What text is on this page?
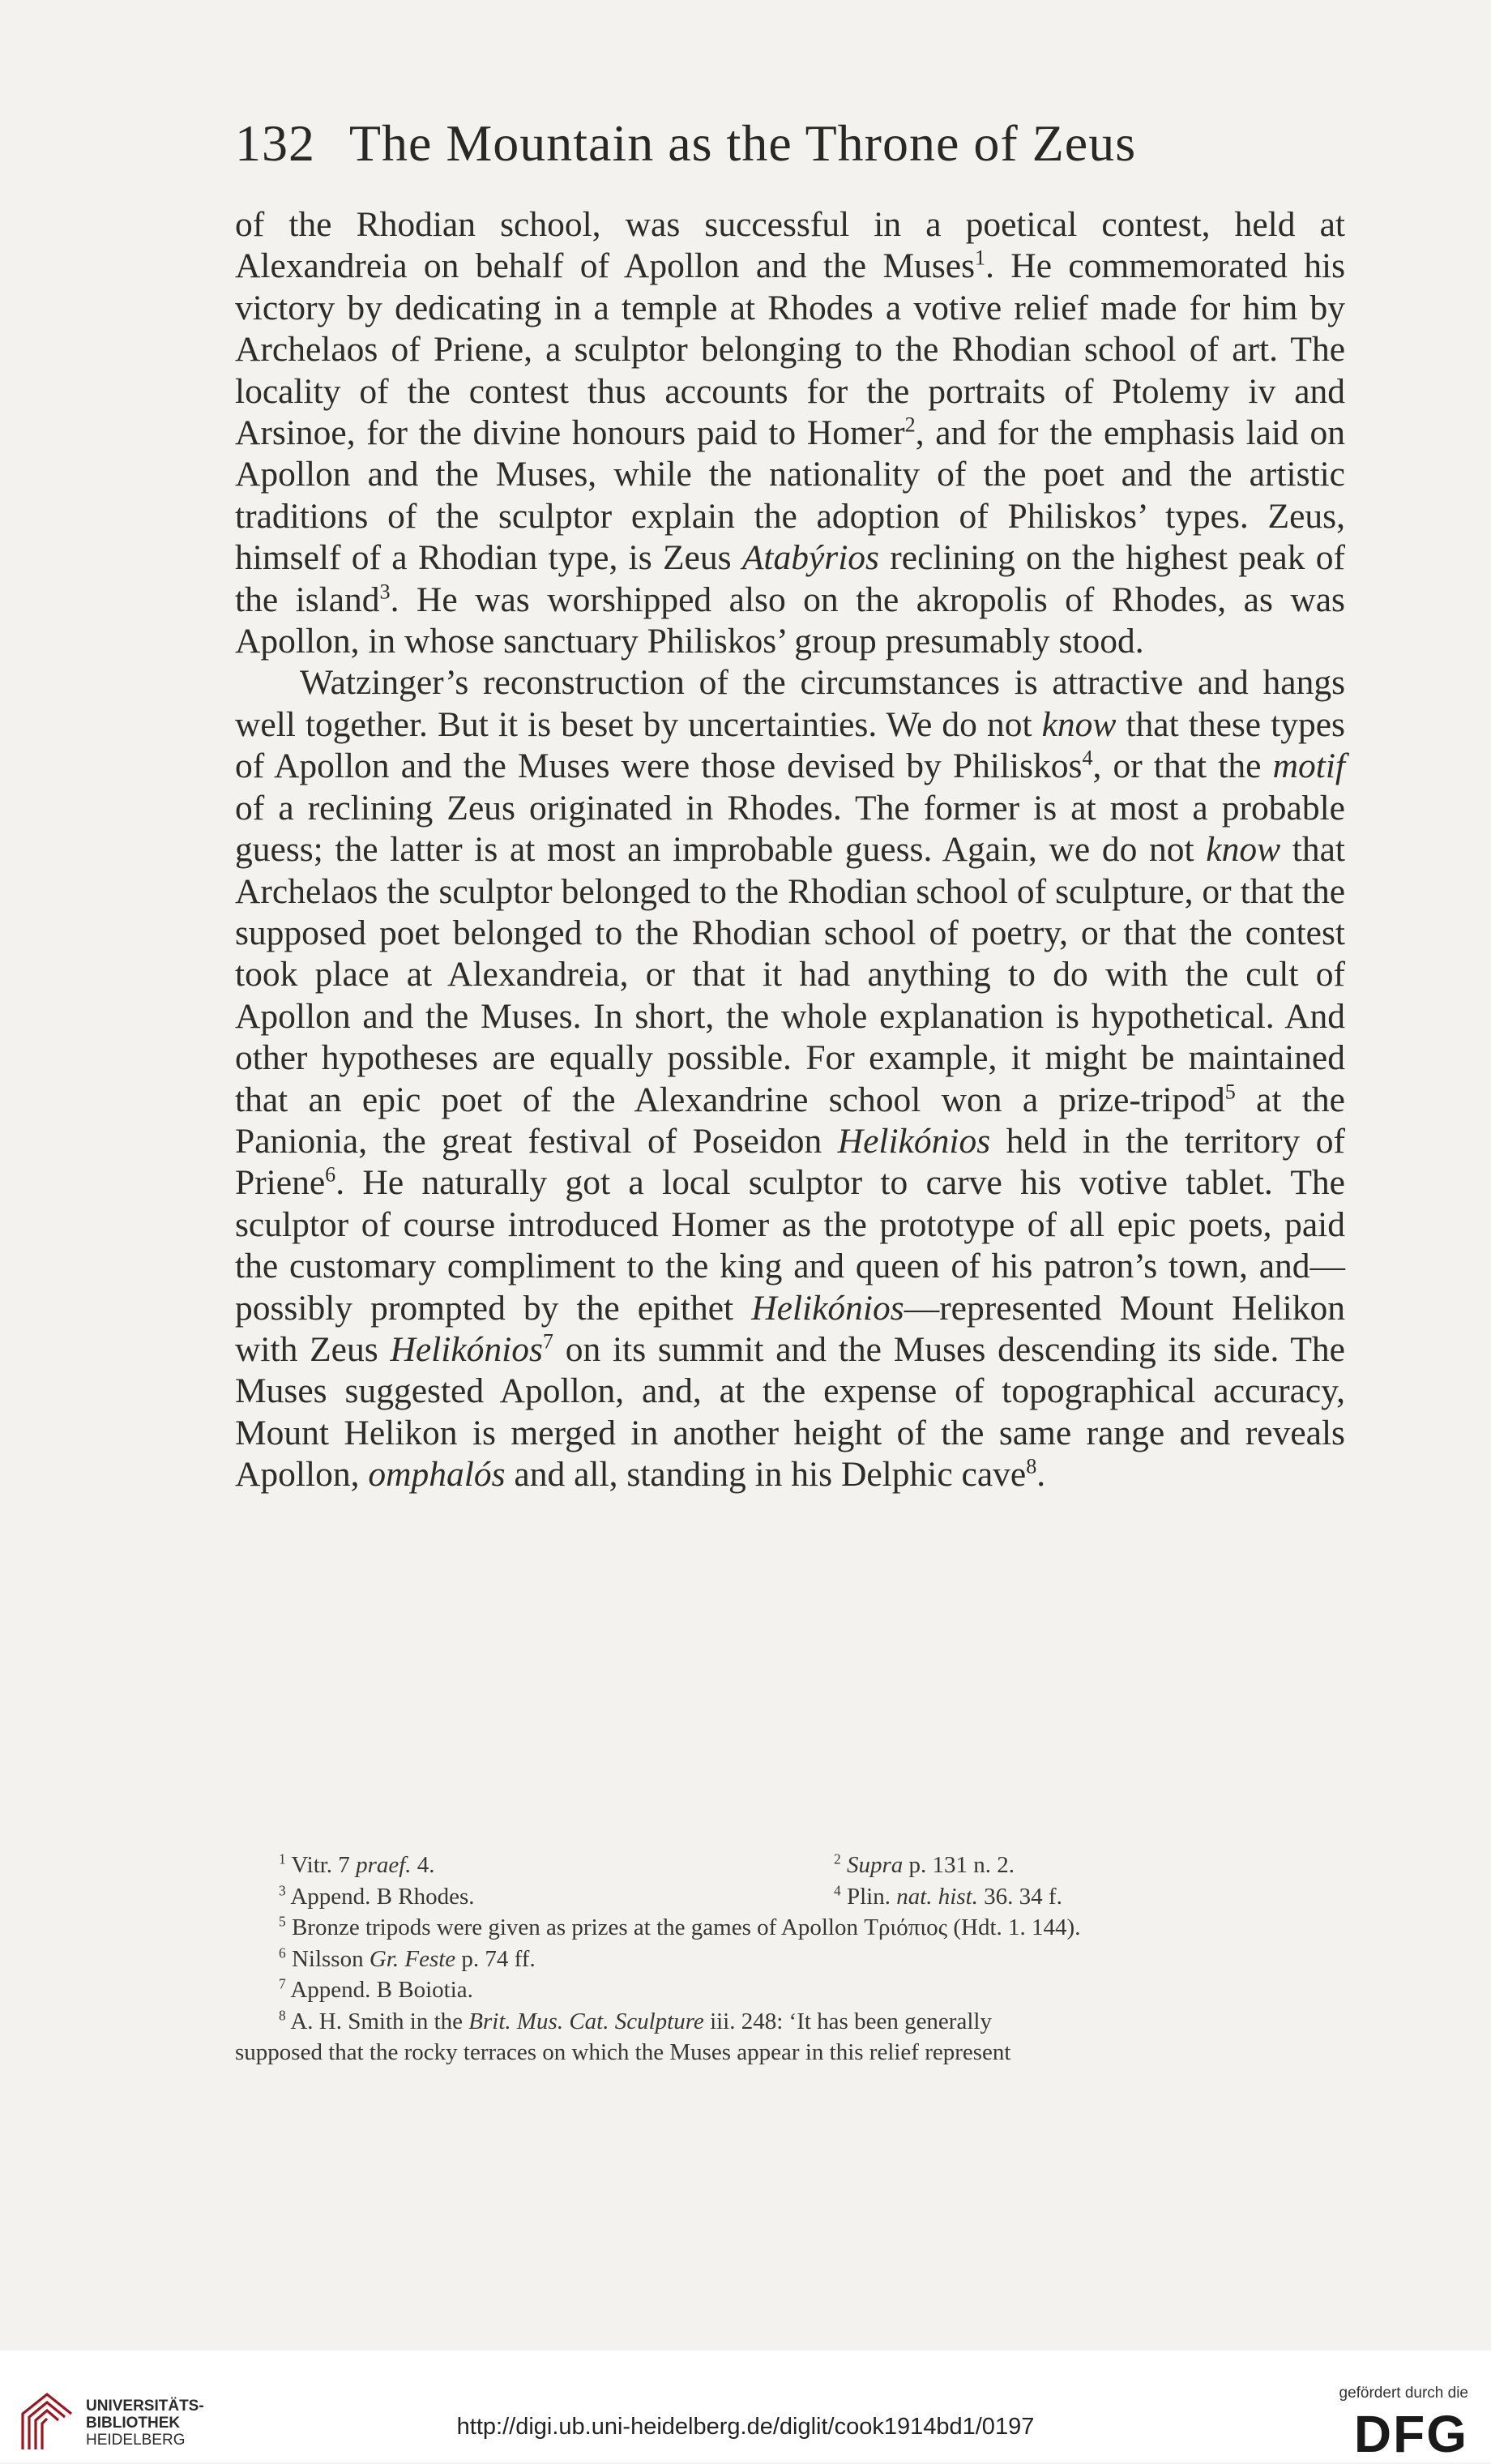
132 The Mountain as the Throne of Zeus

of the Rhodian school, was successful in a poetical contest, held at Alexandreia on behalf of Apollon and the Muses$^1$. He commemorated his victory by dedicating in a temple at Rhodes a votive relief made for him by Archelaos of Priene, a sculptor belonging to the Rhodian school of art. The locality of the contest thus accounts for the portraits of Ptolemy iv and Arsinoe, for the divine honours paid to Homer$^2$, and for the emphasis laid on Apollon and the Muses, while the nationality of the poet and the artistic traditions of the sculptor explain the adoption of Philiskos’ types. Zeus, himself of a Rhodian type, is Zeus Atabýrios reclining on the highest peak of the island$^3$. He was worshipped also on the akropolis of Rhodes, as was Apollon, in whose sanctuary Philiskos’ group presumably stood.

Watzinger’s reconstruction of the circumstances is attractive and hangs well together. But it is beset by uncertainties. We do not know that these types of Apollon and the Muses were those devised by Philiskos$^4$, or that the motif of a reclining Zeus originated in Rhodes. The former is at most a probable guess; the latter is at most an improbable guess. Again, we do not know that Archelaos the sculptor belonged to the Rhodian school of sculpture, or that the supposed poet belonged to the Rhodian school of poetry, or that the contest took place at Alexandreia, or that it had anything to do with the cult of Apollon and the Muses. In short, the whole explanation is hypothetical. And other hypotheses are equally possible. For example, it might be maintained that an epic poet of the Alexandrine school won a prize-tripod$^5$ at the Panionia, the great festival of Poseidon Helikónios held in the territory of Priene$^6$. He naturally got a local sculptor to carve his votive tablet. The sculptor of course introduced Homer as the prototype of all epic poets, paid the customary compliment to the king and queen of his patron’s town, and—possibly prompted by the epithet Helikónios—represented Mount Helikon with Zeus Helikónios$^7$ on its summit and the Muses descending its side. The Muses suggested Apollon, and, at the expense of topographical accuracy, Mount Helikon is merged in another height of the same range and reveals Apollon, omphalós and all, standing in his Delphic cave$^8$.

$^1$ Vitr. 7 praef. 4.	$^2$ Supra p. 131 n. 2.
$^3$ Append. B Rhodes.	$^4$ Plin. nat. hist. 36. 34 f.
$^5$ Bronze tripods were given as prizes at the games of Apollon Τριόπιος (Hdt. 1. 144).
$^6$ Nilsson Gr. Feste p. 74 ff.
$^7$ Append. B Boiotia.
$^8$ A. H. Smith in the Brit. Mus. Cat. Sculpture iii. 248: ‘It has been generally
supposed that the rocky terraces on which the Muses appear in this relief represent
UNIVERSITÄTS-
BIBLIOTHEK
HEIDELBERG
http://digi.ub.uni-heidelberg.de/diglit/cook1914bd1/0197
gefördert durch die
DFG
